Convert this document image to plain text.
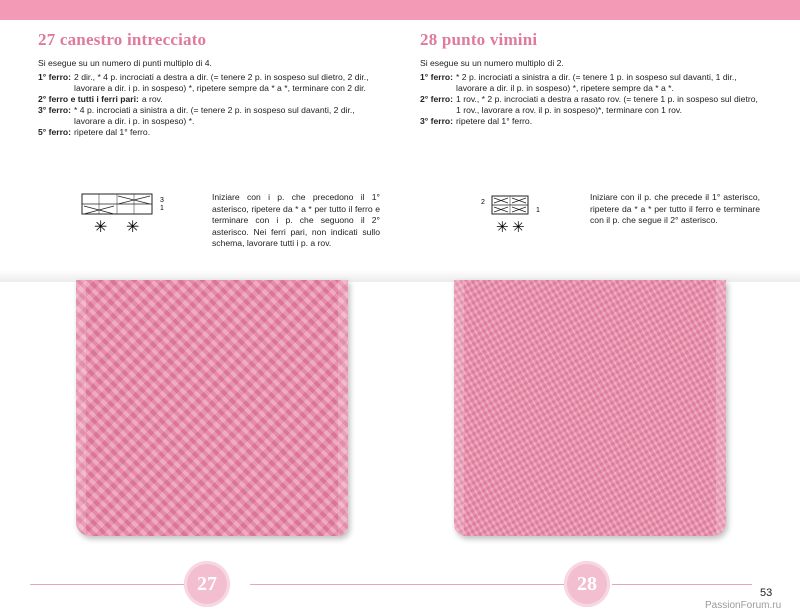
27 canestro intrecciato

Si esegue su un numero di punti multiplo di 4.

1° ferro: 2 dir., * 4 p. incrociati a destra a dir. (= tenere 2 p. in sospeso sul dietro, 2 dir., lavorare a dir. i p. in sospeso) *, ripetere sempre da * a *, terminare con 2 dir.
2° ferro e tutti i ferri pari: a rov.
3° ferro: * 4 p. incrociati a sinistra a dir. (= tenere 2 p. in sospeso sul davanti, 2 dir., lavorare a dir. i p. in sospeso) *.
5° ferro: ripetere dal 1° ferro.
3
1
✳ ✳

Iniziare con i p. che precedono il 1° asterisco, ripetere da * a * per tutto il ferro e terminare con i p. che seguono il 2° asterisco. Nei ferri pari, non indicati sullo schema, lavorare tutti i p. a rov.

28 punto vimini

Si esegue su un numero multiplo di 2.

1° ferro: * 2 p. incrociati a sinistra a dir. (= tenere 1 p. in sospeso sul davanti, 1 dir., lavorare a dir. il p. in sospeso) *, ripetere sempre da * a *.
2° ferro: 1 rov., * 2 p. incrociati a destra a rasato rov. (= tenere 1 p. in sospeso sul dietro, 1 rov., lavorare a rov. il p. in sospeso)*, terminare con 1 rov.
3° ferro: ripetere dal 1° ferro.
2
1
✳ ✳

Iniziare con il p. che precede il 1° asterisco, ripetere da * a * per tutto il ferro e terminare con il p. che segue il 2° asterisco.

27	28	53
PassionForum.ru
